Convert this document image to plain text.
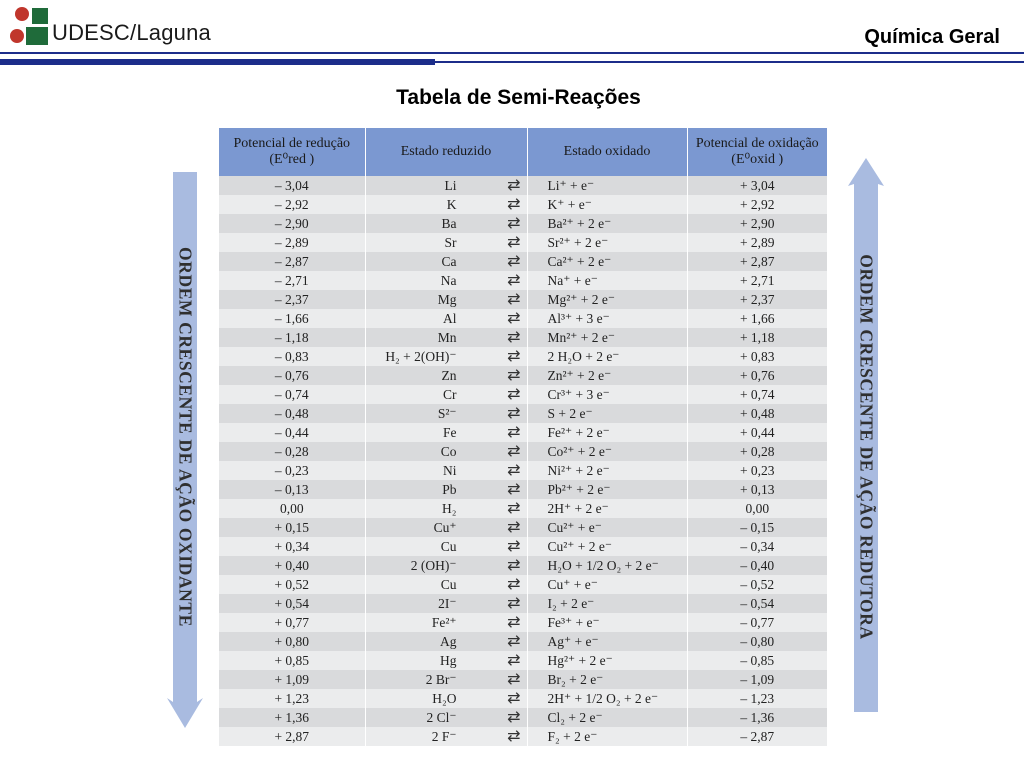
UDESC/Laguna	Química Geral
Tabela de Semi-Reações
ORDEM CRESCENTE DE AÇÃO OXIDANTE	ORDEM CRESCENTE DE AÇÃO REDUTORA
Potencial de redução (E⁰red )	Estado reduzido	Estado oxidado	Potencial de oxidação (E⁰oxid )
– 3,04	Li ⇄	Li⁺ + e⁻	+ 3,04
– 2,92	K ⇄	K⁺ + e⁻	+ 2,92
– 2,90	Ba ⇄	Ba²⁺ + 2 e⁻	+ 2,90
– 2,89	Sr ⇄	Sr²⁺ + 2 e⁻	+ 2,89
– 2,87	Ca ⇄	Ca²⁺ + 2 e⁻	+ 2,87
– 2,71	Na ⇄	Na⁺ + e⁻	+ 2,71
– 2,37	Mg ⇄	Mg²⁺ + 2 e⁻	+ 2,37
– 1,66	Al ⇄	Al³⁺ + 3 e⁻	+ 1,66
– 1,18	Mn ⇄	Mn²⁺ + 2 e⁻	+ 1,18
– 0,83	H₂ + 2(OH)⁻ ⇄	2 H₂O + 2 e⁻	+ 0,83
– 0,76	Zn ⇄	Zn²⁺ + 2 e⁻	+ 0,76
– 0,74	Cr ⇄	Cr³⁺ + 3 e⁻	+ 0,74
– 0,48	S²⁻ ⇄	S + 2 e⁻	+ 0,48
– 0,44	Fe ⇄	Fe²⁺ + 2 e⁻	+ 0,44
– 0,28	Co ⇄	Co²⁺ + 2 e⁻	+ 0,28
– 0,23	Ni ⇄	Ni²⁺ + 2 e⁻	+ 0,23
– 0,13	Pb ⇄	Pb²⁺ + 2 e⁻	+ 0,13
0,00	H₂ ⇄	2H⁺ + 2 e⁻	0,00
+ 0,15	Cu⁺ ⇄	Cu²⁺ + e⁻	– 0,15
+ 0,34	Cu ⇄	Cu²⁺ + 2 e⁻	– 0,34
+ 0,40	2 (OH)⁻ ⇄	H₂O + 1/2 O₂ + 2 e⁻	– 0,40
+ 0,52	Cu ⇄	Cu⁺ + e⁻	– 0,52
+ 0,54	2I⁻ ⇄	I₂ + 2 e⁻	– 0,54
+ 0,77	Fe²⁺ ⇄	Fe³⁺ + e⁻	– 0,77
+ 0,80	Ag ⇄	Ag⁺ + e⁻	– 0,80
+ 0,85	Hg ⇄	Hg²⁺ + 2 e⁻	– 0,85
+ 1,09	2 Br⁻ ⇄	Br₂ + 2 e⁻	– 1,09
+ 1,23	H₂O ⇄	2H⁺ + 1/2 O₂ + 2 e⁻	– 1,23
+ 1,36	2 Cl⁻ ⇄	Cl₂ + 2 e⁻	– 1,36
+ 2,87	2 F⁻ ⇄	F₂ + 2 e⁻	– 2,87
